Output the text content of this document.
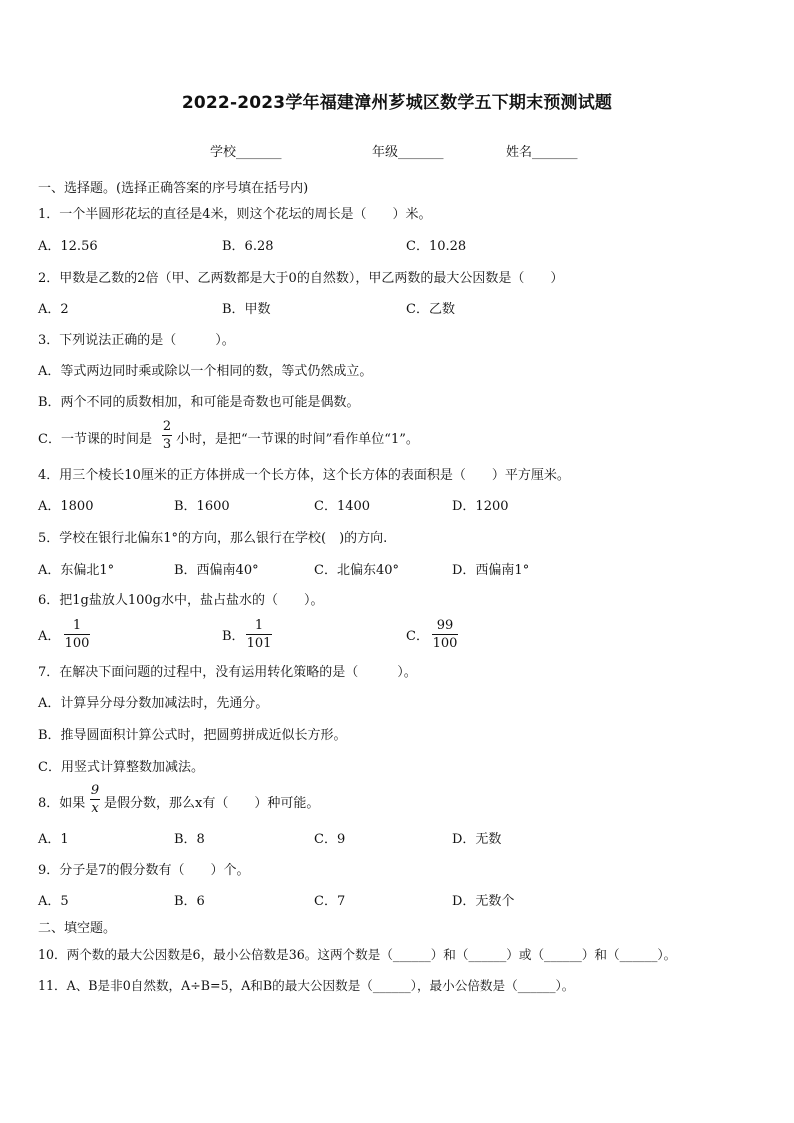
2022-2023学年福建漳州芗城区数学五下期末预测试题
学校_______	年级_______	姓名_______
一、选择题。(选择正确答案的序号填在括号内)
1．一个半圆形花坛的直径是4米，则这个花坛的周长是（　　）米。
A．12.56	B．6.28	C．10.28
2．甲数是乙数的2倍（甲、乙两数都是大于0的自然数），甲乙两数的最大公因数是（　　）
A．2	B．甲数	C．乙数
3．下列说法正确的是（　　　）。
A．等式两边同时乘或除以一个相同的数，等式仍然成立。
B．两个不同的质数相加，和可能是奇数也可能是偶数。
C．一节课的时间是
2
3 小时，是把“一节课的时间”看作单位“1”。
4．用三个棱长10厘米的正方体拼成一个长方体，这个长方体的表面积是（　　）平方厘米。
A．1800	B．1600	C．1400	D．1200
5．学校在银行北偏东1°的方向，那么银行在学校(　)的方向.
A．东偏北1°	B．西偏南40°	C．北偏东40°	D．西偏南1°
6．把1g盐放人100g水中，盐占盐水的（　　）。
A．
1
100	B．
1
101	C．
99
100
7．在解决下面问题的过程中，没有运用转化策略的是（　　　）。
A．计算异分母分数加减法时，先通分。
B．推导圆面积计算公式时，把圆剪拼成近似长方形。
C．用竖式计算整数加减法。
8．如果
9
x 是假分数，那么x有（　　）种可能。
A．1	B．8	C．9	D．无数
9．分子是7的假分数有（　　）个。
A．5	B．6	C．7	D．无数个
二、填空题。
10．两个数的最大公因数是6，最小公倍数是36。这两个数是（______）和（______）或（______）和（______）。
11．A、B是非0自然数，A÷B=5，A和B的最大公因数是（______），最小公倍数是（______）。
